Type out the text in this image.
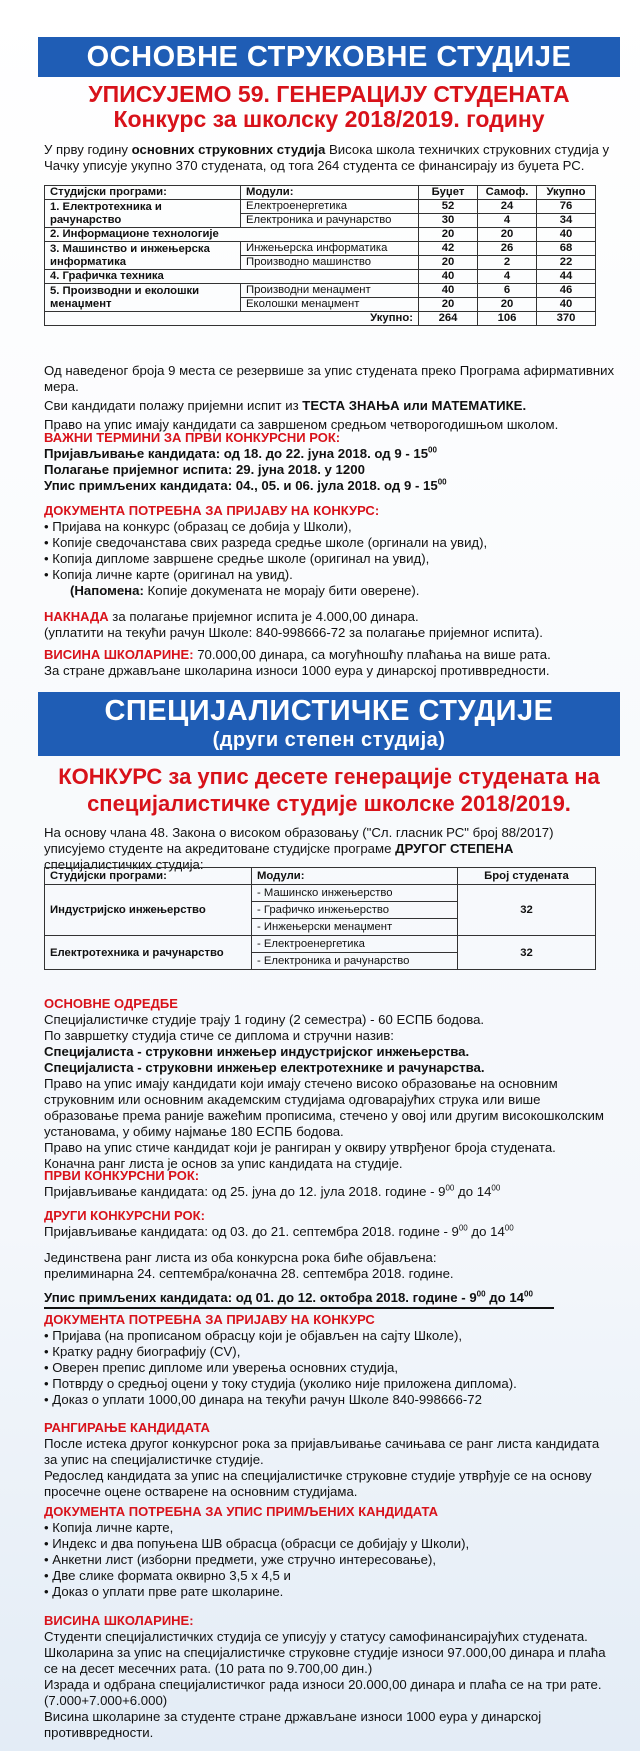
ОСНОВНЕ СТРУКОВНЕ СТУДИЈЕ
УПИСУЈЕМО 59. ГЕНЕРАЦИЈУ СТУДЕНАТА
Конкурс за школску 2018/2019. годину

У прву годину основних струковних студија Висока школа техничких струковних студија у Чачку уписује укупно 370 студената, од тога 264 студента се финансирају из буџета РС.

Студијски програми:	Модули:	Буџет	Самоф.	Укупно
1. Електротехника и рачунарство	Електроенергетика	52	24	76
	Електроника и рачунарство	30	4	34
2. Информационе технологије		20	20	40
3. Машинство и инжењерска информатика	Инжењерска информатика	42	26	68
	Производно машинство	20	2	22
4. Графичка техника		40	4	44
5. Производни и еколошки менаџмент	Производни менаџмент	40	6	46
	Еколошки менаџмент	20	20	40
Укупно:		264	106	370

Од наведеног броја 9 места се резервише за упис студената преко Програма афирмативних мера.

Сви кандидати полажу пријемни испит из ТЕСТА ЗНАЊА или МАТЕМАТИКЕ.

Право на упис имају кандидати са завршеном средњом четворогодишњом школом.

ВАЖНИ ТЕРМИНИ ЗА ПРВИ КОНКУРСНИ РОК:

Пријављивање кандидата: од 18. до 22. јуна 2018. од $9 - 15^{00}$

Полагање пријемног испита: 29. јуна 2018. у 1200

Упис примљених кандидата: 04., 05. и 06. јула 2018. од $9 - 15^{00}$

ДОКУМЕНТА ПОТРЕБНА ЗА ПРИЈАВУ НА КОНКУРС:

• Пријава на конкурс (образац се добија у Школи),

• Копије сведочанстава свих разреда средње школе (оргинали на увид),

• Копија дипломе завршене средње школе (оригинал на увид),

• Копија личне карте (оригинал на увид).

(Напомена: Копије докумената не морају бити оверене).

НАКНАДА за полагање пријемног испита је 4.000,00 динара.

(уплатити на текући рачун Школе: 840-998666-72 за полагање пријемног испита).

ВИСИНА ШКОЛАРИНЕ: 70.000,00 динара, са могућношћу плаћања на више рата.

За стране држављане школарина износи 1000 еура у динарској противвредности.

СПЕЦИЈАЛИСТИЧКЕ СТУДИЈЕ
(други степен студија)
КОНКУРС за упис десете генерације студената на
специјалистичке студије школске 2018/2019.

На основу члана 48. Закона о високом образовању ("Сл. гласник РС" број 88/2017) уписујемо студенте на акредитоване студијске програме ДРУГОГ СТЕПЕНА специјалистичких студија:

Студијски програми:	Модули:	Број студената
Индустријско инжењерство	- Машинско инжењерство	32
	- Графичко инжењерство	
	- Инжењерски менаџмент	
Електротехника и рачунарство	- Електроенергетика	32
	- Електроника и рачунарство	

ОСНОВНЕ ОДРЕДБЕ

Специјалистичке студије трају 1 годину (2 семестра) - 60 ЕСПБ бодова.

По завршетку студија стиче се диплома и стручни назив:

Специјалиста - струковни инжењер индустријског инжењерства.

Специјалиста - струковни инжењер електротехнике и рачунарства.

Право на упис имају кандидати који имају стечено високо образовање на основним струковним или основним академским студијама одговарајућих струка или више образовање према раније важећим прописима, стечено у овој или другим високошколским установама, у обиму најмање 180 ЕСПБ бодова.

Право на упис стиче кандидат који је рангиран у оквиру утврђеног броја студената.

Коначна ранг листа је основ за упис кандидата на студије.

ПРВИ КОНКУРСНИ РОК:

Пријављивање кандидата: од 25. јуна до 12. јула 2018. године - $9^{00}$ до $14^{00}$

ДРУГИ КОНКУРСНИ РОК:

Пријављивање кандидата: од 03. до 21. септембра 2018. године - $9^{00}$ до $14^{00}$

Јединствена ранг листа из оба конкурсна рока биће објављена:

прелиминарна 24. септембра/коначна 28. септембра 2018. године.

Упис примљених кандидата: од 01. до 12. октобра 2018. године - $9^{00}$ до $14^{00}$

ДОКУМЕНТА ПОТРЕБНА ЗА ПРИЈАВУ НА КОНКУРС

• Пријава (на прописаном обрасцу који је објављен на сајту Школе),

• Кратку радну биографију (CV),

• Оверен препис дипломе или уверења основних студија,

• Потврду о средњој оцени у току студија (уколико није приложена диплома).

• Доказ о уплати 1000,00 динара на текући рачун Школе 840-998666-72

РАНГИРАЊЕ КАНДИДАТА

После истека другог конкурсног рока за пријављивање сачињава се ранг листа кандидата за упис на специјалистичке студије.

Редослед кандидата за упис на специјалистичке струковне студије утврђује се на основу просечне оцене остварене на основним студијама.

ДОКУМЕНТА ПОТРЕБНА ЗА УПИС ПРИМЉЕНИХ КАНДИДАТА

• Копија личне карте,

• Индекс и два попуњена ШВ обрасца (обрасци се добијају у Школи),

• Анкетни лист (изборни предмети, уже стручно интересовање),

• Две слике формата оквирно 3,5 х 4,5 и

• Доказ о уплати прве рате школарине.

ВИСИНА ШКОЛАРИНЕ:

Студенти специјалистичких студија се уписују у статусу самофинансирајућих студената.

Школарина за упис на специјалистичке струковне студије износи 97.000,00 динара и плаћа се на десет месечних рата. (10 рата по 9.700,00 дин.)

Израда и одбрана специјалистичког рада износи 20.000,00 динара и плаћа се на три рате. (7.000+7.000+6.000)

Висина школарине за студенте стране држављане износи 1000 еура у динарској противвредности.
